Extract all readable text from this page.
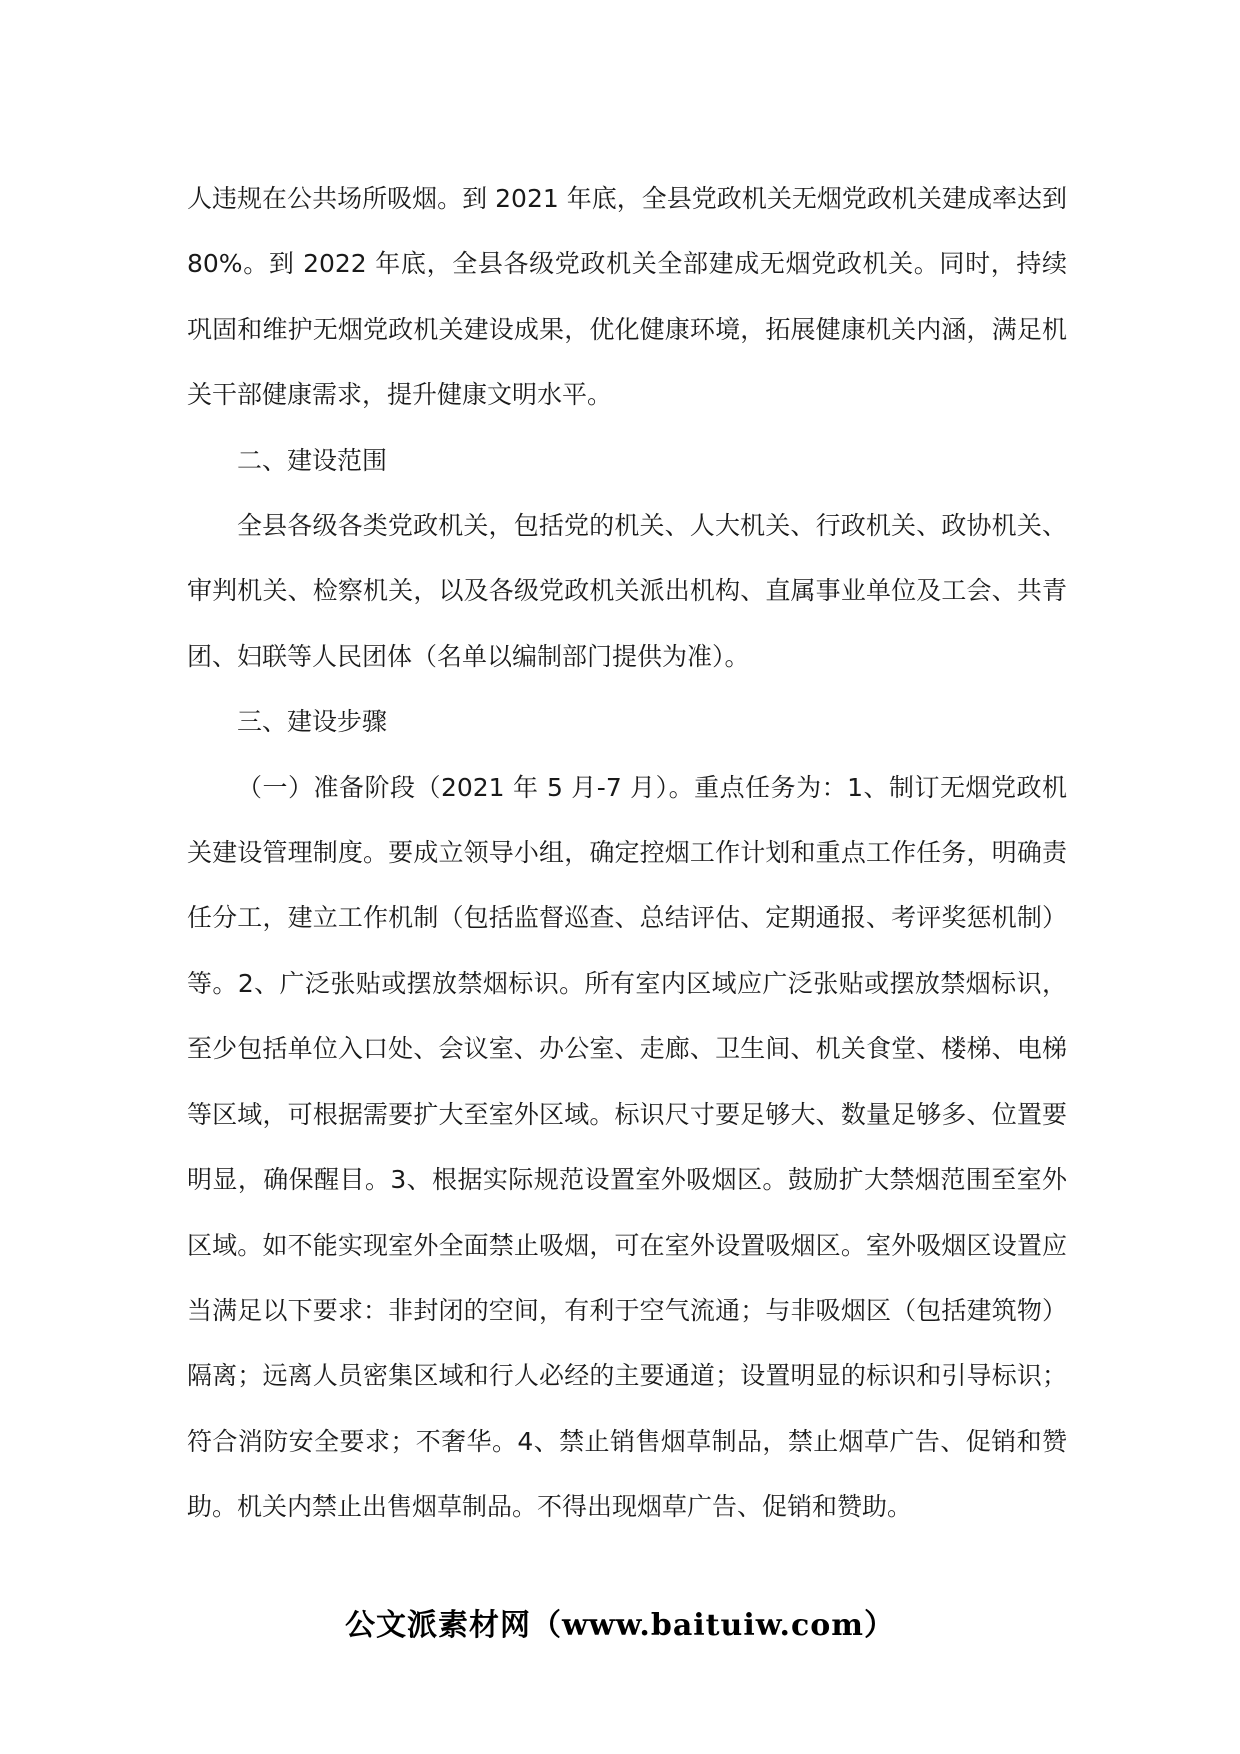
人违规在公共场所吸烟。到 2021 年底，全县党政机关无烟党政机关建成率达到 80%。到 2022 年底，全县各级党政机关全部建成无烟党政机关。同时，持续巩固和维护无烟党政机关建设成果，优化健康环境，拓展健康机关内涵，满足机关干部健康需求，提升健康文明水平。

二、建设范围

全县各级各类党政机关，包括党的机关、人大机关、行政机关、政协机关、审判机关、检察机关，以及各级党政机关派出机构、直属事业单位及工会、共青团、妇联等人民团体（名单以编制部门提供为准）。

三、建设步骤

（一）准备阶段（2021 年 5 月-7 月）。重点任务为：1、制订无烟党政机关建设管理制度。要成立领导小组，确定控烟工作计划和重点工作任务，明确责任分工，建立工作机制（包括监督巡查、总结评估、定期通报、考评奖惩机制）等。2、广泛张贴或摆放禁烟标识。所有室内区域应广泛张贴或摆放禁烟标识，至少包括单位入口处、会议室、办公室、走廊、卫生间、机关食堂、楼梯、电梯等区域，可根据需要扩大至室外区域。标识尺寸要足够大、数量足够多、位置要明显，确保醒目。3、根据实际规范设置室外吸烟区。鼓励扩大禁烟范围至室外区域。如不能实现室外全面禁止吸烟，可在室外设置吸烟区。室外吸烟区设置应当满足以下要求：非封闭的空间，有利于空气流通；与非吸烟区（包括建筑物）隔离；远离人员密集区域和行人必经的主要通道；设置明显的标识和引导标识；符合消防安全要求；不奢华。4、禁止销售烟草制品，禁止烟草广告、促销和赞助。机关内禁止出售烟草制品。不得出现烟草广告、促销和赞助。

公文派素材网（www.baituiw.com）
